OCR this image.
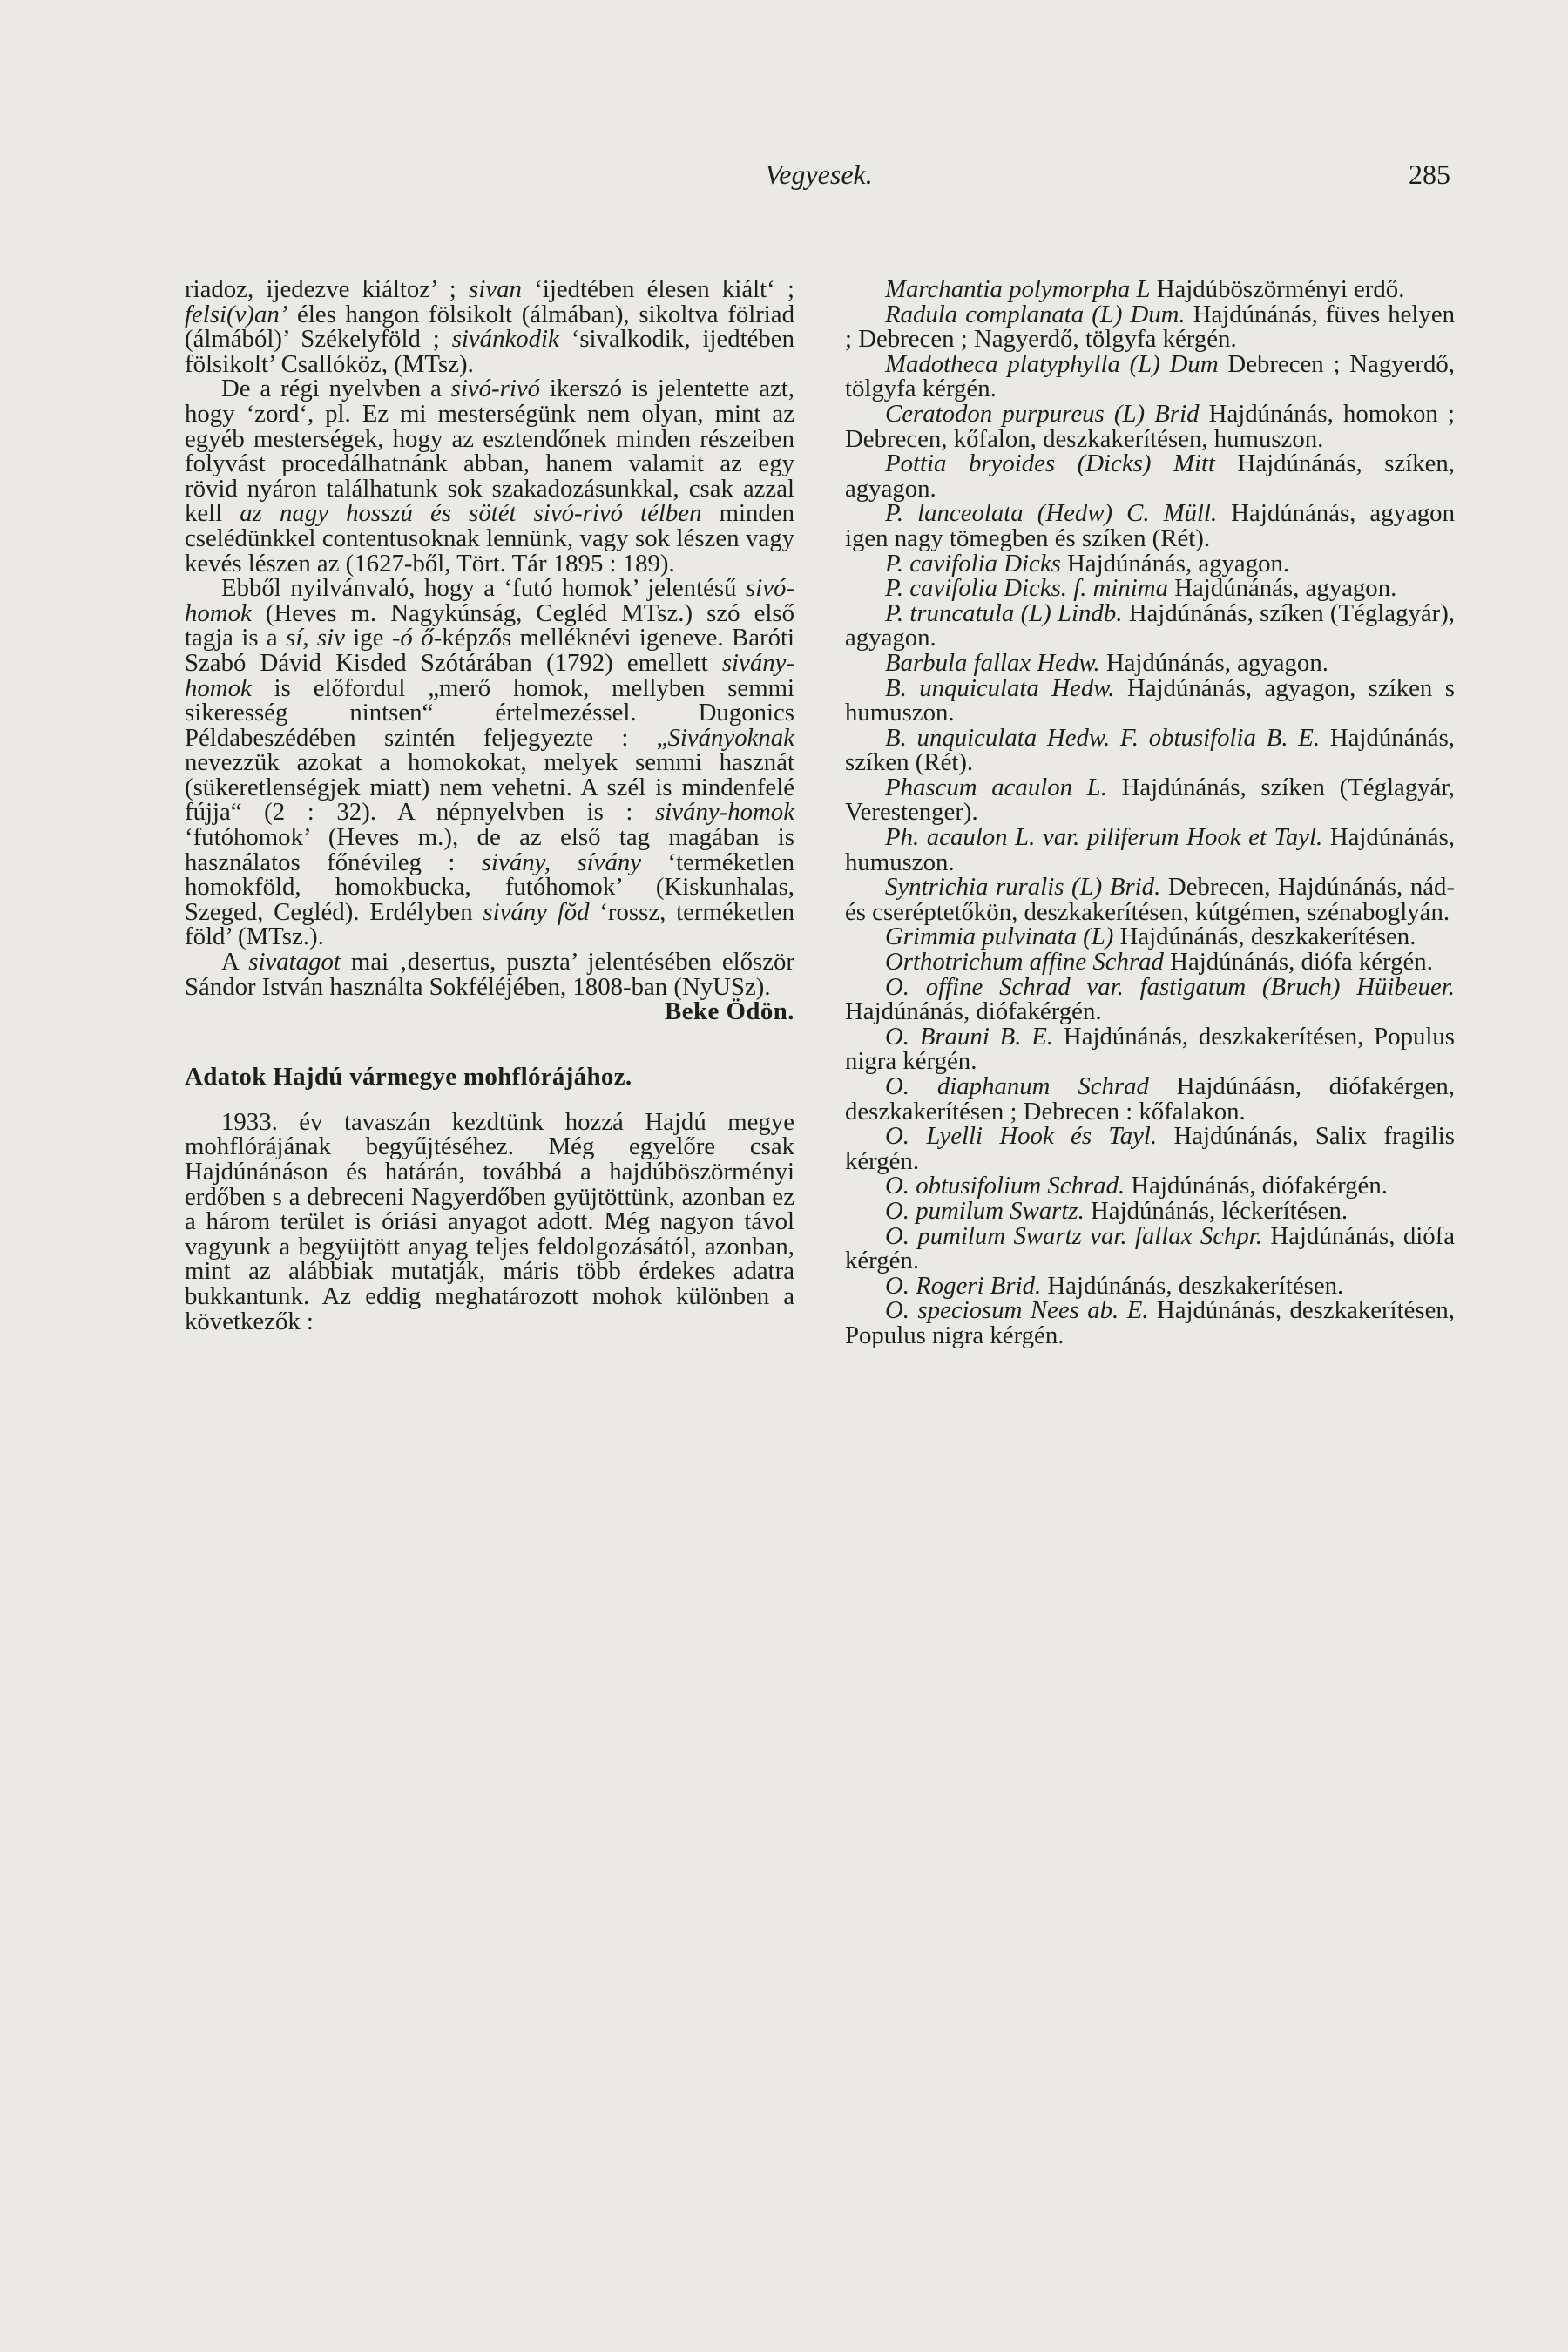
Vegyesek.	285

riadoz, ijedezve kiáltoz’ ; sivan ‘ijedtében élesen kiált‘ ; felsi(v)an’ éles hangon fölsikolt (álmában), sikoltva fölriad (álmából)’ Székelyföld ; sivánkodik ‘sivalkodik, ijedtében fölsikolt’ Csallóköz, (MTsz).

De a régi nyelvben a sivó-rivó ikerszó is jelentette azt, hogy ‘zord‘, pl. Ez mi mesterségünk nem olyan, mint az egyéb mesterségek, hogy az esztendőnek minden részeiben folyvást procedálhatnánk abban, hanem valamit az egy rövid nyáron találhatunk sok szakadozásunkkal, csak azzal kell az nagy hosszú és sötét sivó-rivó télben minden cselédünkkel contentusoknak lennünk, vagy sok lészen vagy kevés lészen az (1627-ből, Tört. Tár 1895 : 189).

Ebből nyilvánvaló, hogy a ‘futó homok’ jelentésű sivó-homok (Heves m. Nagykúnság, Cegléd MTsz.) szó első tagja is a sí, siv ige -ó ő-képzős melléknévi igeneve. Baróti Szabó Dávid Kisded Szótárában (1792) emellett sivány-homok is előfordul „merő homok, mellyben semmi sikeresség nintsen“ értelmezéssel. Dugonics Példabeszédében szintén feljegyezte : „Siványoknak nevezzük azokat a homokokat, melyek semmi hasznát (sükeretlenségjek miatt) nem vehetni. A szél is mindenfelé fújja“ (2 : 32). A népnyelvben is : sivány-homok ‘futóhomok’ (Heves m.), de az első tag magában is használatos főnévileg : sivány, sívány ‘terméketlen homokföld, homokbucka, futóhomok’ (Kiskunhalas, Szeged, Cegléd). Erdélyben sivány fŏd ‘rossz, terméketlen föld’ (MTsz.).

A sivatagot mai ‚desertus, puszta’ jelentésében először Sándor István használta Sokféléjében, 1808-ban (NyUSz).

Beke Ödön.
Adatok Hajdú vármegye mohflórájához.

1933. év tavaszán kezdtünk hozzá Hajdú megye mohflórájának begyűjtéséhez. Még egyelőre csak Hajdúnánáson és határán, továbbá a hajdúböszörményi erdőben s a debreceni Nagyerdőben gyüjtöttünk, azonban ez a három terület is óriási anyagot adott. Még nagyon távol vagyunk a begyüjtött anyag teljes feldolgozásától, azonban, mint az alábbiak mutatják, máris több érdekes adatra bukkantunk. Az eddig meghatározott mohok különben a következők :

Marchantia polymorpha L Hajdúböszörményi erdő.

Radula complanata (L) Dum. Hajdúnánás, füves helyen ; Debrecen ; Nagyerdő, tölgyfa kérgén.

Madotheca platyphylla (L) Dum Debrecen ; Nagyerdő, tölgyfa kérgén.

Ceratodon purpureus (L) Brid Hajdúnánás, homokon ; Debrecen, kőfalon, deszkakerítésen, humuszon.

Pottia bryoides (Dicks) Mitt Hajdúnánás, szíken, agyagon.

P. lanceolata (Hedw) C. Müll. Hajdúnánás, agyagon igen nagy tömegben és szíken (Rét).

P. cavifolia Dicks Hajdúnánás, agyagon.

P. cavifolia Dicks. f. minima Hajdúnánás, agyagon.

P. truncatula (L) Lindb. Hajdúnánás, szíken (Téglagyár), agyagon.

Barbula fallax Hedw. Hajdúnánás, agyagon.

B. unquiculata Hedw. Hajdúnánás, agyagon, szíken s humuszon.

B. unquiculata Hedw. F. obtusifolia B. E. Hajdúnánás, szíken (Rét).

Phascum acaulon L. Hajdúnánás, szíken (Téglagyár, Verestenger).

Ph. acaulon L. var. piliferum Hook et Tayl. Hajdúnánás, humuszon.

Syntrichia ruralis (L) Brid. Debrecen, Hajdúnánás, nád- és cseréptetőkön, deszkakerítésen, kútgémen, szénaboglyán.

Grimmia pulvinata (L) Hajdúnánás, deszkakerítésen.

Orthotrichum affine Schrad Hajdúnánás, diófa kérgén.

O. offine Schrad var. fastigatum (Bruch) Hüibeuer. Hajdúnánás, diófakérgén.

O. Brauni B. E. Hajdúnánás, deszkakerítésen, Populus nigra kérgén.

O. diaphanum Schrad Hajdúnáásn, diófakérgen, deszkakerítésen ; Debrecen : kőfalakon.

O. Lyelli Hook és Tayl. Hajdúnánás, Salix fragilis kérgén.

O. obtusifolium Schrad. Hajdúnánás, diófakérgén.

O. pumilum Swartz. Hajdúnánás, léckerítésen.

O. pumilum Swartz var. fallax Schpr. Hajdúnánás, diófa kérgén.

O. Rogeri Brid. Hajdúnánás, deszkakerítésen.

O. speciosum Nees ab. E. Hajdúnánás, deszkakerítésen, Populus nigra kérgén.
